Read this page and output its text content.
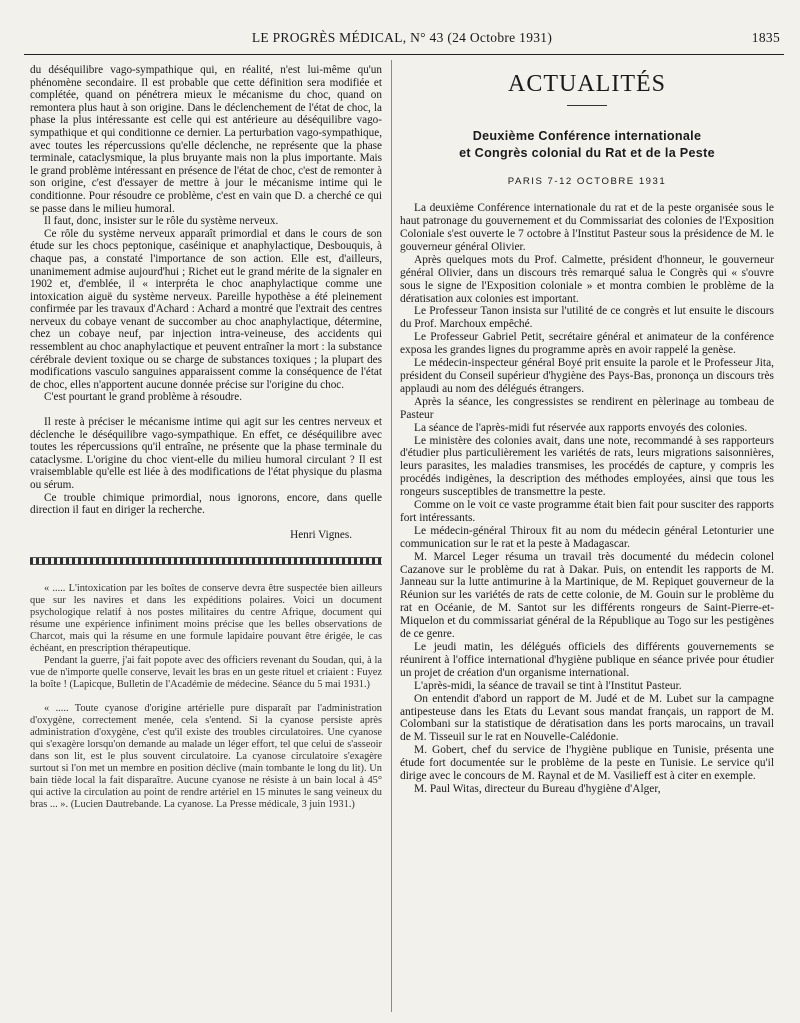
LE PROGRÈS MÉDICAL, N° 43 (24 Octobre 1931)	1835

du déséquilibre vago-sympathique qui, en réalité, n'est lui-même qu'un phénomène secondaire. Il est probable que cette définition sera modifiée et complétée, quand on pénétrera mieux le mécanisme du choc, quand on remontera plus haut à son origine. Dans le déclenchement de l'état de choc, la phase la plus intéressante est celle qui est antérieure au déséquilibre vago-sympathique et qui conditionne ce dernier. La perturbation vago-sympathique, avec toutes les répercussions qu'elle déclenche, ne représente que la phase terminale, cataclysmique, la plus bruyante mais non la plus importante. Mais le grand problème intéressant en présence de l'état de choc, c'est de remonter à son origine, c'est d'essayer de mettre à jour le mécanisme intime qui le conditionne. Pour résoudre ce problème, c'est en vain que D. a cherché ce qui se passe dans le milieu humoral.

Il faut, donc, insister sur le rôle du système nerveux.

Ce rôle du système nerveux apparaît primordial et dans le cours de son étude sur les chocs peptonique, caséinique et anaphylactique, Desbouquis, à chaque pas, a constaté l'importance de son action. Elle est, d'ailleurs, unanimement admise aujourd'hui ; Richet eut le grand mérite de la signaler en 1902 et, d'emblée, il « interpréta le choc anaphylactique comme une intoxication aiguë du système nerveux. Pareille hypothèse a été pleinement confirmée par les travaux d'Achard : Achard a montré que l'extrait des centres nerveux du cobaye venant de succomber au choc anaphylactique, détermine, chez un cobaye neuf, par injection intra-veineuse, des accidents qui ressemblent au choc anaphylactique et peuvent entraîner la mort : la substance cérébrale devient toxique ou se charge de substances toxiques ; la plupart des modifications vasculo sanguines apparaissent comme la conséquence de l'état de choc, elles n'apportent aucune donnée précise sur l'origine du choc.

C'est pourtant le grand problème à résoudre.

Il reste à préciser le mécanisme intime qui agit sur les centres nerveux et déclenche le déséquilibre vago-sympathique. En effet, ce déséquilibre avec toutes les répercussions qu'il entraîne, ne présente que la phase terminale du cataclysme. L'origine du choc vient-elle du milieu humoral circulant ? Il est vraisemblable qu'elle est liée à des modifications de l'état physique du plasma ou sérum.

Ce trouble chimique primordial, nous ignorons, encore, dans quelle direction il faut en diriger la recherche.

Henri Vignes.

« ..... L'intoxication par les boîtes de conserve devra être suspectée bien ailleurs que sur les navires et dans les expéditions polaires. Voici un document psychologique relatif à nos postes militaires du centre Afrique, document qui résume une expérience infiniment moins précise que les belles observations de Charcot, mais qui la résume en une formule lapidaire pouvant être érigée, le cas échéant, en prescription thérapeutique.

Pendant la guerre, j'ai fait popote avec des officiers revenant du Soudan, qui, à la vue de n'importe quelle conserve, levait les bras en un geste rituel et criaient : Fuyez la boîte ! (Lapicque, Bulletin de l'Académie de médecine. Séance du 5 mai 1931.)

« ..... Toute cyanose d'origine artérielle pure disparaît par l'administration d'oxygène, correctement menée, cela s'entend. Si la cyanose persiste après administration d'oxygène, c'est qu'il existe des troubles circulatoires. Une cyanose qui s'exagère lorsqu'on demande au malade un léger effort, tel que celui de s'asseoir dans son lit, est le plus souvent circulatoire. La cyanose circulatoire s'exagère surtout si l'on met un membre en position déclive (main tombante le long du lit). Un bain tiède local la fait disparaître. Aucune cyanose ne résiste à un bain local à 45° qui active la circulation au point de rendre artériel en 15 minutes le sang veineux du bras ... ». (Lucien Dautrebande. La cyanose. La Presse médicale, 3 juin 1931.)

ACTUALITÉS
Deuxième Conférence internationale
et Congrès colonial du Rat et de la Peste
PARIS 7-12 OCTOBRE 1931

La deuxième Conférence internationale du rat et de la peste organisée sous le haut patronage du gouvernement et du Commissariat des colonies de l'Exposition Coloniale s'est ouverte le 7 octobre à l'Institut Pasteur sous la présidence de M. le gouverneur général Olivier.

Après quelques mots du Prof. Calmette, président d'honneur, le gouverneur général Olivier, dans un discours très remarqué salua le Congrès qui « s'ouvre sous le signe de l'Exposition coloniale » et montra combien le problème de la dératisation aux colonies est important.

Le Professeur Tanon insista sur l'utilité de ce congrès et lut ensuite le discours du Prof. Marchoux empêché.

Le Professeur Gabriel Petit, secrétaire général et animateur de la conférence exposa les grandes lignes du programme après en avoir rappelé la genèse.

Le médecin-inspecteur général Boyé prit ensuite la parole et le Professeur Jita, président du Conseil supérieur d'hygiène des Pays-Bas, prononça un discours très applaudi au nom des délégués étrangers.

Après la séance, les congressistes se rendirent en pèlerinage au tombeau de Pasteur

La séance de l'après-midi fut réservée aux rapports envoyés des colonies.

Le ministère des colonies avait, dans une note, recommandé à ses rapporteurs d'étudier plus particulièrement les variétés de rats, leurs migrations saisonnières, leurs parasites, les maladies transmises, les procédés de capture, y compris les procédés indigènes, la description des méthodes employées, ainsi que tous les rongeurs susceptibles de transmettre la peste.

Comme on le voit ce vaste programme était bien fait pour susciter des rapports fort intéressants.

Le médecin-général Thiroux fit au nom du médecin général Letonturier une communication sur le rat et la peste à Madagascar.

M. Marcel Leger résuma un travail très documenté du médecin colonel Cazanove sur le problème du rat à Dakar. Puis, on entendit les rapports de M. Janneau sur la lutte antimurine à la Martinique, de M. Repiquet gouverneur de la Réunion sur les variétés de rats de cette colonie, de M. Gouin sur le problème du rat en Océanie, de M. Santot sur les différents rongeurs de Saint-Pierre-et-Miquelon et du commissariat général de la République au Togo sur les pestigènes de ce genre.

Le jeudi matin, les délégués officiels des différents gouvernements se réunirent à l'office international d'hygiène publique en séance privée pour étudier un projet de création d'un organisme international.

L'après-midi, la séance de travail se tint à l'Institut Pasteur.

On entendit d'abord un rapport de M. Judé et de M. Lubet sur la campagne antipesteuse dans les Etats du Levant sous mandat français, un rapport de M. Colombani sur la statistique de dératisation dans les ports marocains, un travail de M. Tisseuil sur le rat en Nouvelle-Calédonie.

M. Gobert, chef du service de l'hygiène publique en Tunisie, présenta une étude fort documentée sur le problème de la peste en Tunisie. Le service qu'il dirige avec le concours de M. Raynal et de M. Vasilieff est à citer en exemple.

M. Paul Witas, directeur du Bureau d'hygiène d'Alger,
